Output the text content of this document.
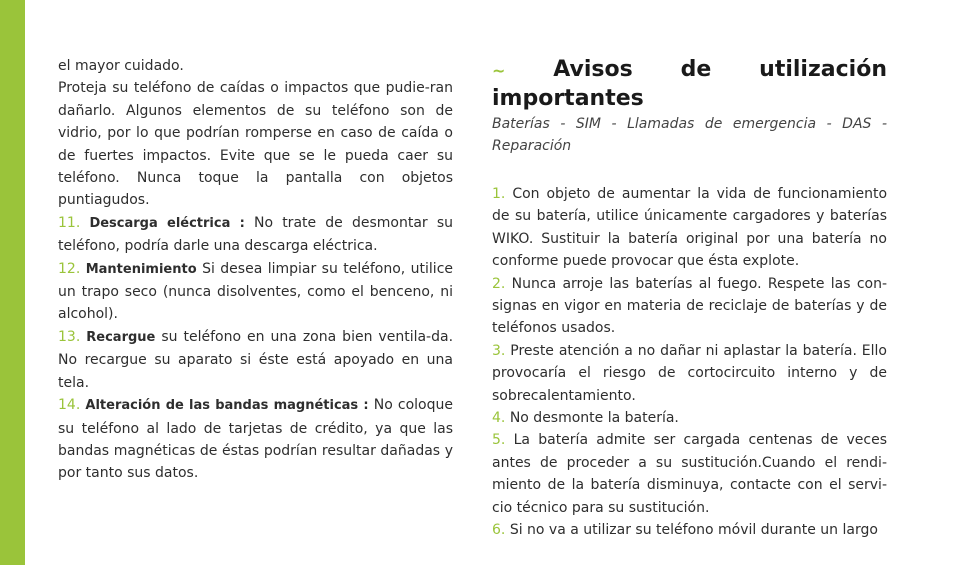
el mayor cuidado.

Proteja su teléfono de caídas o impactos que pudie-ran dañarlo. Algunos elementos de su teléfono son de vidrio, por lo que podrían romperse en caso de caída o de fuertes impactos. Evite que se le pueda caer su teléfono. Nunca toque la pantalla con objetos puntiagudos.

11. Descarga eléctrica : No trate de desmontar su teléfono, podría darle una descarga eléctrica.

12. Mantenimiento Si desea limpiar su teléfono, utilice un trapo seco (nunca disolventes, como el benceno, ni alcohol).

13. Recargue su teléfono en una zona bien ventila-da. No recargue su aparato si éste está apoyado en una tela.

14. Alteración de las bandas magnéticas : No coloque su teléfono al lado de tarjetas de crédito, ya que las bandas magnéticas de éstas podrían resultar dañadas y por tanto sus datos.

~ Avisos de utilización importantes

Baterías - SIM - Llamadas de emergencia - DAS - Reparación

1. Con objeto de aumentar la vida de funcionamiento de su batería, utilice únicamente cargadores y baterías WIKO. Sustituir la batería original por una batería no conforme puede provocar que ésta explote.

2. Nunca arroje las baterías al fuego. Respete las con-signas en vigor en materia de reciclaje de baterías y de teléfonos usados.

3. Preste atención a no dañar ni aplastar la batería. Ello provocaría el riesgo de cortocircuito interno y de sobrecalentamiento.

4. No desmonte la batería.

5. La batería admite ser cargada centenas de veces antes de proceder a su sustitución.Cuando el rendi-miento de la batería disminuya, contacte con el servi-cio técnico para su sustitución.

6. Si no va a utilizar su teléfono móvil durante un largo
